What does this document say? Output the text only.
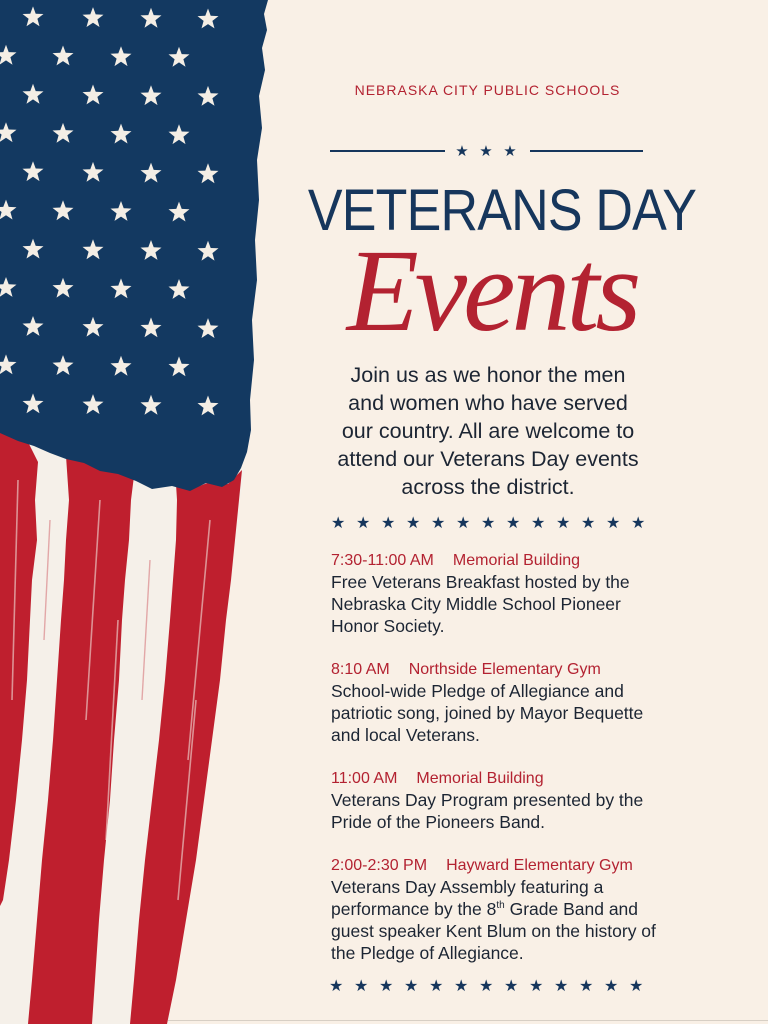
NEBRASKA CITY PUBLIC SCHOOLS
★ ★ ★
VETERANS DAY
Events
Join us as we honor the men
and women who have served
our country. All are welcome to
attend our Veterans Day events
across the district.
★ ★ ★ ★ ★ ★ ★ ★ ★ ★ ★ ★ ★
7:30-11:00 AM Memorial Building
Free Veterans Breakfast hosted by the
Nebraska City Middle School Pioneer
Honor Society.
8:10 AM Northside Elementary Gym
School-wide Pledge of Allegiance and
patriotic song, joined by Mayor Bequette
and local Veterans.
11:00 AM Memorial Building
Veterans Day Program presented by the
Pride of the Pioneers Band.
2:00-2:30 PM Hayward Elementary Gym
Veterans Day Assembly featuring a
performance by the 8th Grade Band and
guest speaker Kent Blum on the history of
the Pledge of Allegiance.
★ ★ ★ ★ ★ ★ ★ ★ ★ ★ ★ ★ ★
